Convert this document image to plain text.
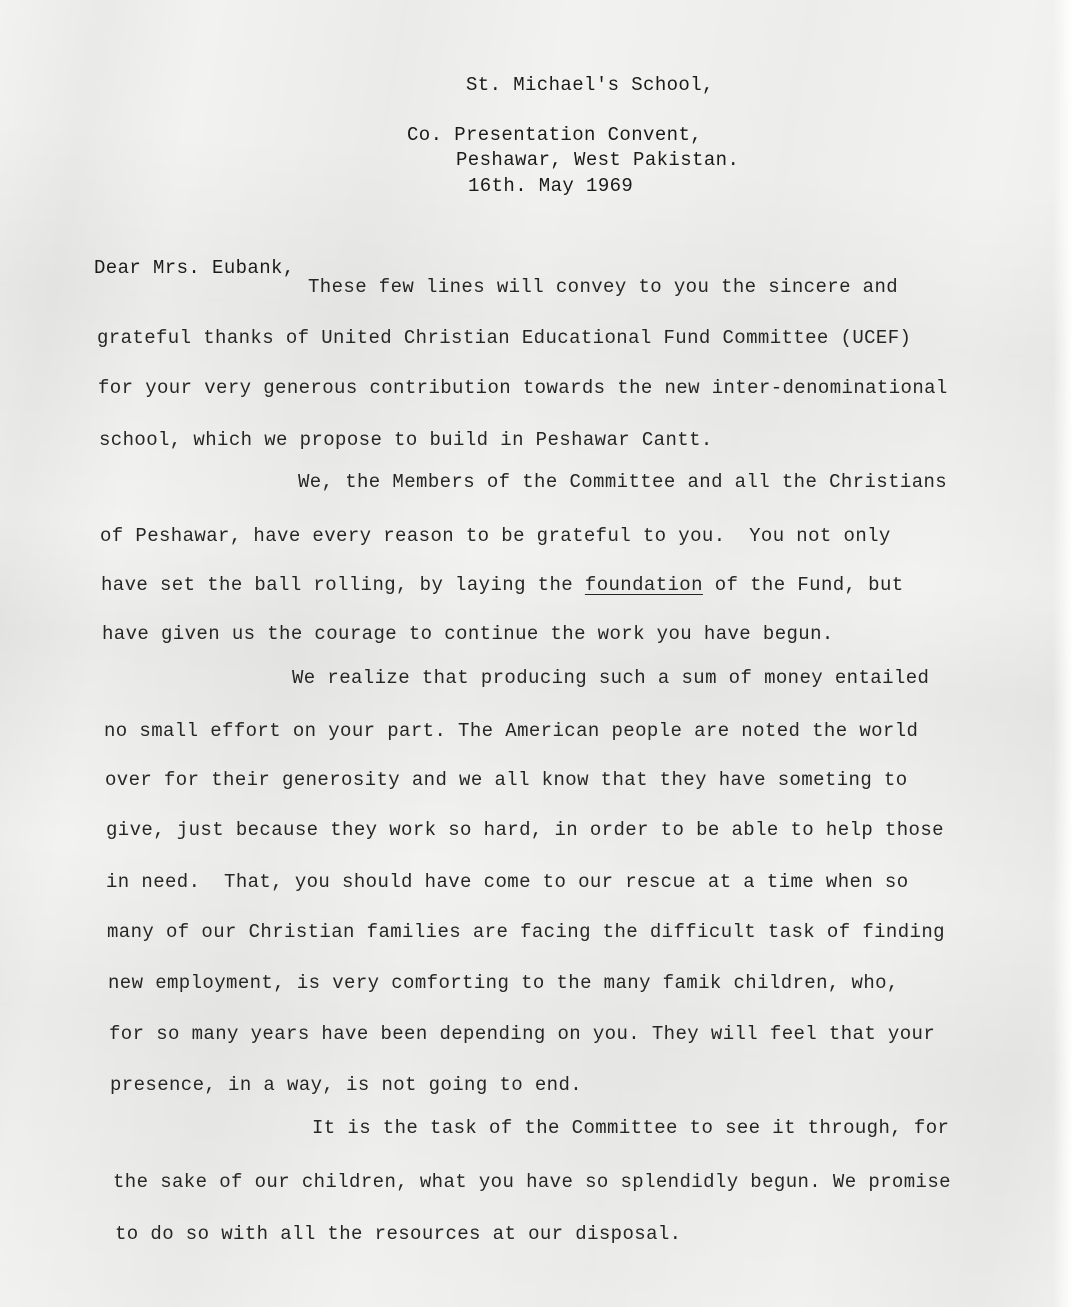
St. Michael's School,
Co. Presentation Convent,
Peshawar, West Pakistan.
16th. May 1969
Dear Mrs. Eubank,
These few lines will convey to you the sincere and
grateful thanks of United Christian Educational Fund Committee (UCEF)
for your very generous contribution towards the new inter-denominational
school, which we propose to build in Peshawar Cantt.
We, the Members of the Committee and all the Christians
of Peshawar, have every reason to be grateful to you.  You not only
have set the ball rolling, by laying the foundation of the Fund, but
have given us the courage to continue the work you have begun.
We realize that producing such a sum of money entailed
no small effort on your part. The American people are noted the world
over for their generosity and we all know that they have someting to
give, just because they work so hard, in order to be able to help those
in need.  That, you should have come to our rescue at a time when so
many of our Christian families are facing the difficult task of finding
new employment, is very comforting to the many famik children, who,
for so many years have been depending on you. They will feel that your
presence, in a way, is not going to end.
It is the task of the Committee to see it through, for
the sake of our children, what you have so splendidly begun. We promise
to do so with all the resources at our disposal.
